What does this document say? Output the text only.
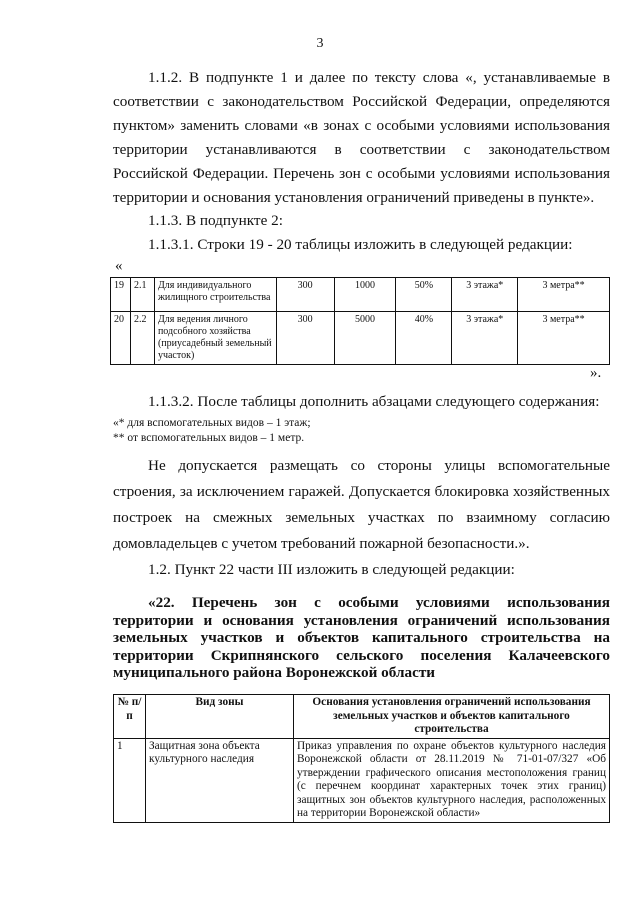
3
1.1.2. В подпункте 1 и далее по тексту слова «, устанавливаемые в соответствии с законодательством Российской Федерации, определяются пунктом» заменить словами «в зонах с особыми условиями использования территории устанавливаются в соответствии с законодательством Российской Федерации. Перечень зон с особыми условиями использования территории и основания установления ограничений приведены в пункте».
1.1.3. В подпункте 2:
1.1.3.1. Строки 19 - 20 таблицы изложить в следующей редакции:
«
19	2.1	Для индивидуального жилищного строительства	300	1000	50%	3 этажа*	3 метра**
20	2.2	Для ведения личного подсобного хозяйства (приусадебный земельный участок)	300	5000	40%	3 этажа*	3 метра**
».
1.1.3.2. После таблицы дополнить абзацами следующего содержания:
«* для вспомогательных видов – 1 этаж;
** от вспомогательных видов – 1 метр.
Не допускается размещать со стороны улицы вспомогательные строения, за исключением гаражей. Допускается блокировка хозяйственных построек на смежных земельных участках по взаимному согласию домовладельцев с учетом требований пожарной безопасности.».
1.2. Пункт 22 части III изложить в следующей редакции:
«22. Перечень зон с особыми условиями использования территории и основания установления ограничений использования земельных участков и объектов капитального строительства на территории Скрипнянского сельского поселения Калачеевского муниципального района Воронежской области
№ п/п	Вид зоны	Основания установления ограничений использования земельных участков и объектов капитального строительства
1	Защитная зона объекта культурного наследия	Приказ управления по охране объектов культурного наследия Воронежской области от 28.11.2019 № 71-01-07/327 «Об утверждении графического описания местоположения границ (с перечнем координат характерных точек этих границ) защитных зон объектов культурного наследия, расположенных на территории Воронежской области»
